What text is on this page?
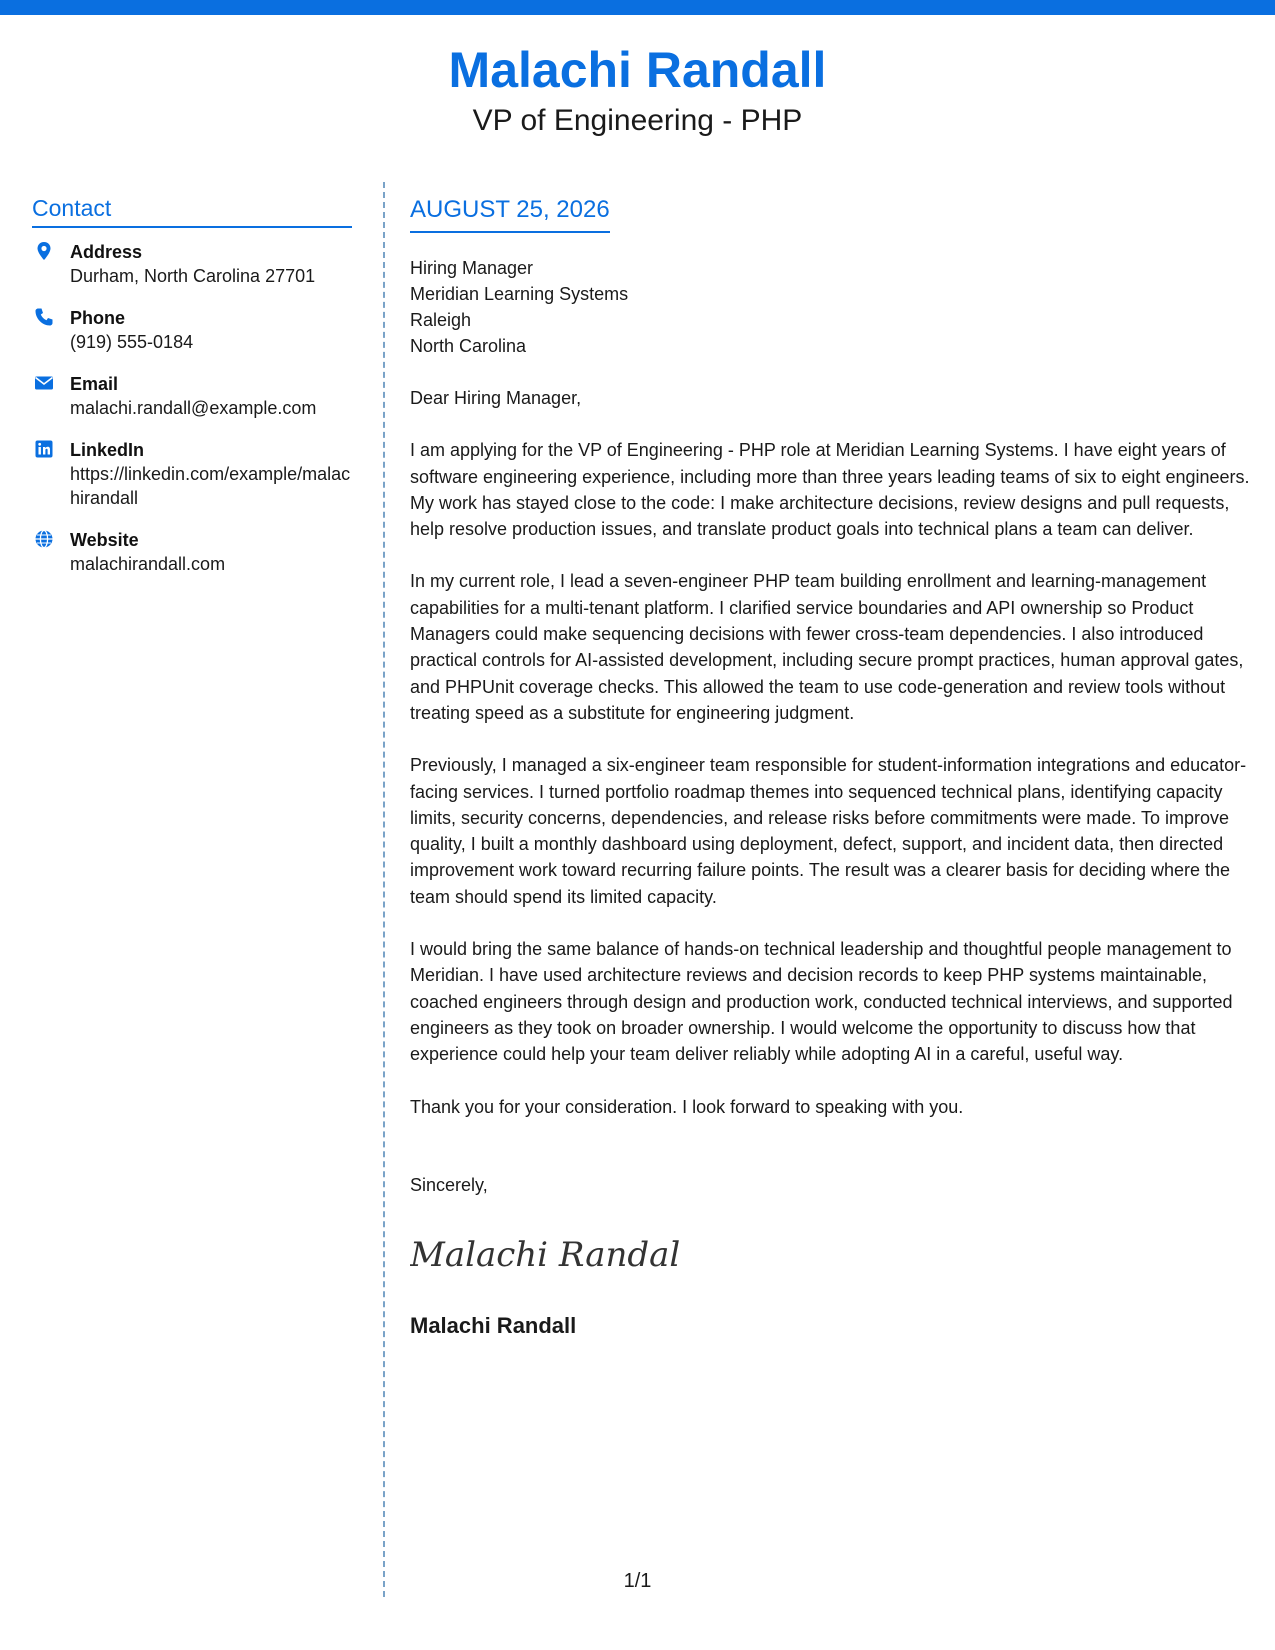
Malachi Randall
VP of Engineering - PHP
Contact
Address
Durham, North Carolina 27701
Phone
(919) 555-0184
Email
malachi.randall@example.com
LinkedIn
https://linkedin.com/example/malachirandall
Website
malachirandall.com
AUGUST 25, 2026
Hiring Manager
Meridian Learning Systems
Raleigh
North Carolina
Dear Hiring Manager,
I am applying for the VP of Engineering - PHP role at Meridian Learning Systems. I have eight years of software engineering experience, including more than three years leading teams of six to eight engineers. My work has stayed close to the code: I make architecture decisions, review designs and pull requests, help resolve production issues, and translate product goals into technical plans a team can deliver.
In my current role, I lead a seven-engineer PHP team building enrollment and learning-management capabilities for a multi-tenant platform. I clarified service boundaries and API ownership so Product Managers could make sequencing decisions with fewer cross-team dependencies. I also introduced practical controls for AI-assisted development, including secure prompt practices, human approval gates, and PHPUnit coverage checks. This allowed the team to use code-generation and review tools without treating speed as a substitute for engineering judgment.
Previously, I managed a six-engineer team responsible for student-information integrations and educator-facing services. I turned portfolio roadmap themes into sequenced technical plans, identifying capacity limits, security concerns, dependencies, and release risks before commitments were made. To improve quality, I built a monthly dashboard using deployment, defect, support, and incident data, then directed improvement work toward recurring failure points. The result was a clearer basis for deciding where the team should spend its limited capacity.
I would bring the same balance of hands-on technical leadership and thoughtful people management to Meridian. I have used architecture reviews and decision records to keep PHP systems maintainable, coached engineers through design and production work, conducted technical interviews, and supported engineers as they took on broader ownership. I would welcome the opportunity to discuss how that experience could help your team deliver reliably while adopting AI in a careful, useful way.
Thank you for your consideration. I look forward to speaking with you.
Sincerely,
Malachi Randall
Malachi Randall
1/1
